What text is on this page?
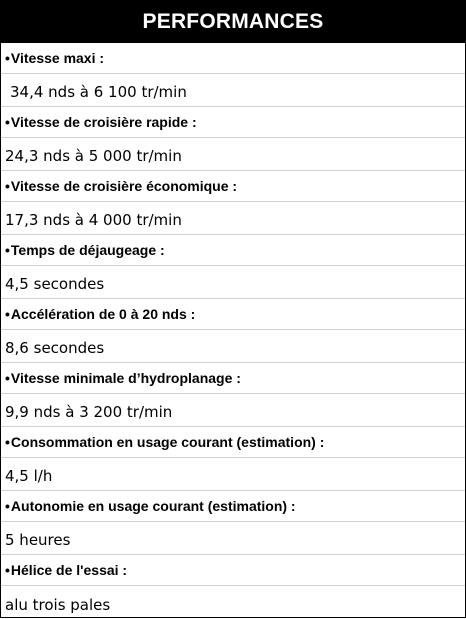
PERFORMANCES
• Vitesse maxi :
34,4 nds à 6 100 tr/min
• Vitesse de croisière rapide :
24,3 nds à 5 000 tr/min
• Vitesse de croisière économique :
17,3 nds à 4 000 tr/min
• Temps de déjaugeage :
4,5 secondes
• Accélération de 0 à 20 nds :
8,6 secondes
• Vitesse minimale d’hydroplanage :
9,9 nds à 3 200 tr/min
• Consommation en usage courant (estimation) :
4,5 l/h
• Autonomie en usage courant (estimation) :
5 heures
• Hélice de l'essai :
alu trois pales
